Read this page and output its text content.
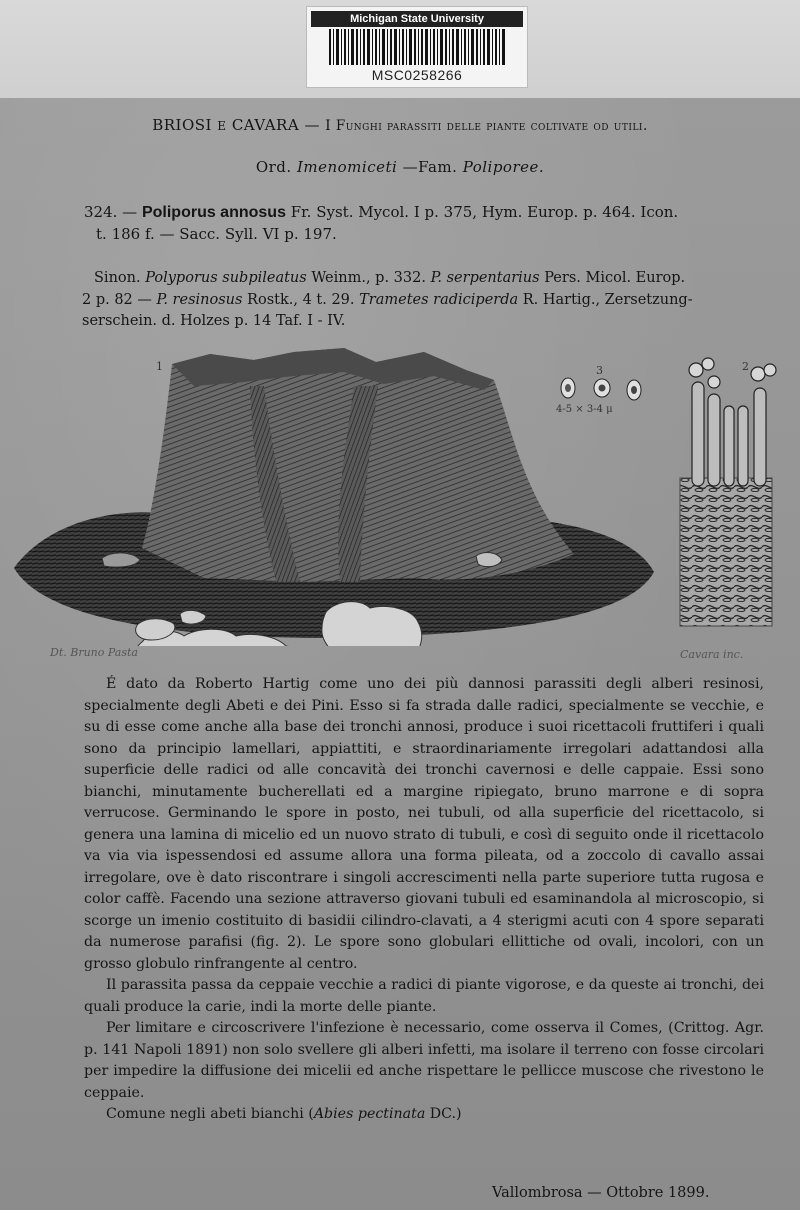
Michigan State University
MSC0258266
BRIOSI E CAVARA — I Funghi parassiti delle piante coltivate od utili.
Ord. Imenomiceti —Fam. Poliporee.
324. — Poliporus annosus Fr. Syst. Mycol. I p. 375, Hym. Europ. p. 464. Icon.
t. 186 f. — Sacc. Syll. VI p. 197.
Sinon. Polyporus subpileatus Weinm., p. 332. P. serpentarius Pers. Micol. Europ.
2 p. 82 — P. resinosus Rostk., 4 t. 29. Trametes radiciperda R. Hartig., Zersetzung-
serschein. d. Holzes p. 14 Taf. I - IV.
1	3
4-5 × 3-4 μ
2
Dt. Bruno Pasta	Cavara inc.

É dato da Roberto Hartig come uno dei più dannosi parassiti degli alberi resinosi, specialmente degli Abeti e dei Pini. Esso si fa strada dalle radici, specialmente se vecchie, e su di esse come anche alla base dei tronchi annosi, produce i suoi ricettacoli fruttiferi i quali sono da principio lamellari, appiattiti, e straordinariamente irregolari adattandosi alla superficie delle radici od alle concavità dei tronchi cavernosi e delle cappaie. Essi sono bianchi, minutamente bucherellati ed a margine ripiegato, bruno marrone e di sopra verrucose. Germinando le spore in posto, nei tubuli, od alla superficie del ricettacolo, si genera una lamina di micelio ed un nuovo strato di tubuli, e così di seguito onde il ricettacolo va via via ispessendosi ed assume allora una forma pileata, od a zoccolo di cavallo assai irregolare, ove è dato riscontrare i singoli accrescimenti nella parte superiore tutta rugosa e color caffè. Facendo una sezione attraverso giovani tubuli ed esaminandola al microscopio, si scorge un imenio costituito di basidii cilindro-clavati, a 4 sterigmi acuti con 4 spore separati da numerose parafisi (fig. 2). Le spore sono globulari ellittiche od ovali, incolori, con un grosso globulo rinfrangente al centro.

Il parassita passa da ceppaie vecchie a radici di piante vigorose, e da queste ai tronchi, dei quali produce la carie, indi la morte delle piante.

Per limitare e circoscrivere l'infezione è necessario, come osserva il Comes, (Crittog. Agr. p. 141 Napoli 1891) non solo svellere gli alberi infetti, ma isolare il terreno con fosse circolari per impedire la diffusione dei micelii ed anche rispettare le pellicce muscose che rivestono le ceppaie.

Comune negli abeti bianchi (Abies pectinata DC.)

Vallombrosa — Ottobre 1899.
